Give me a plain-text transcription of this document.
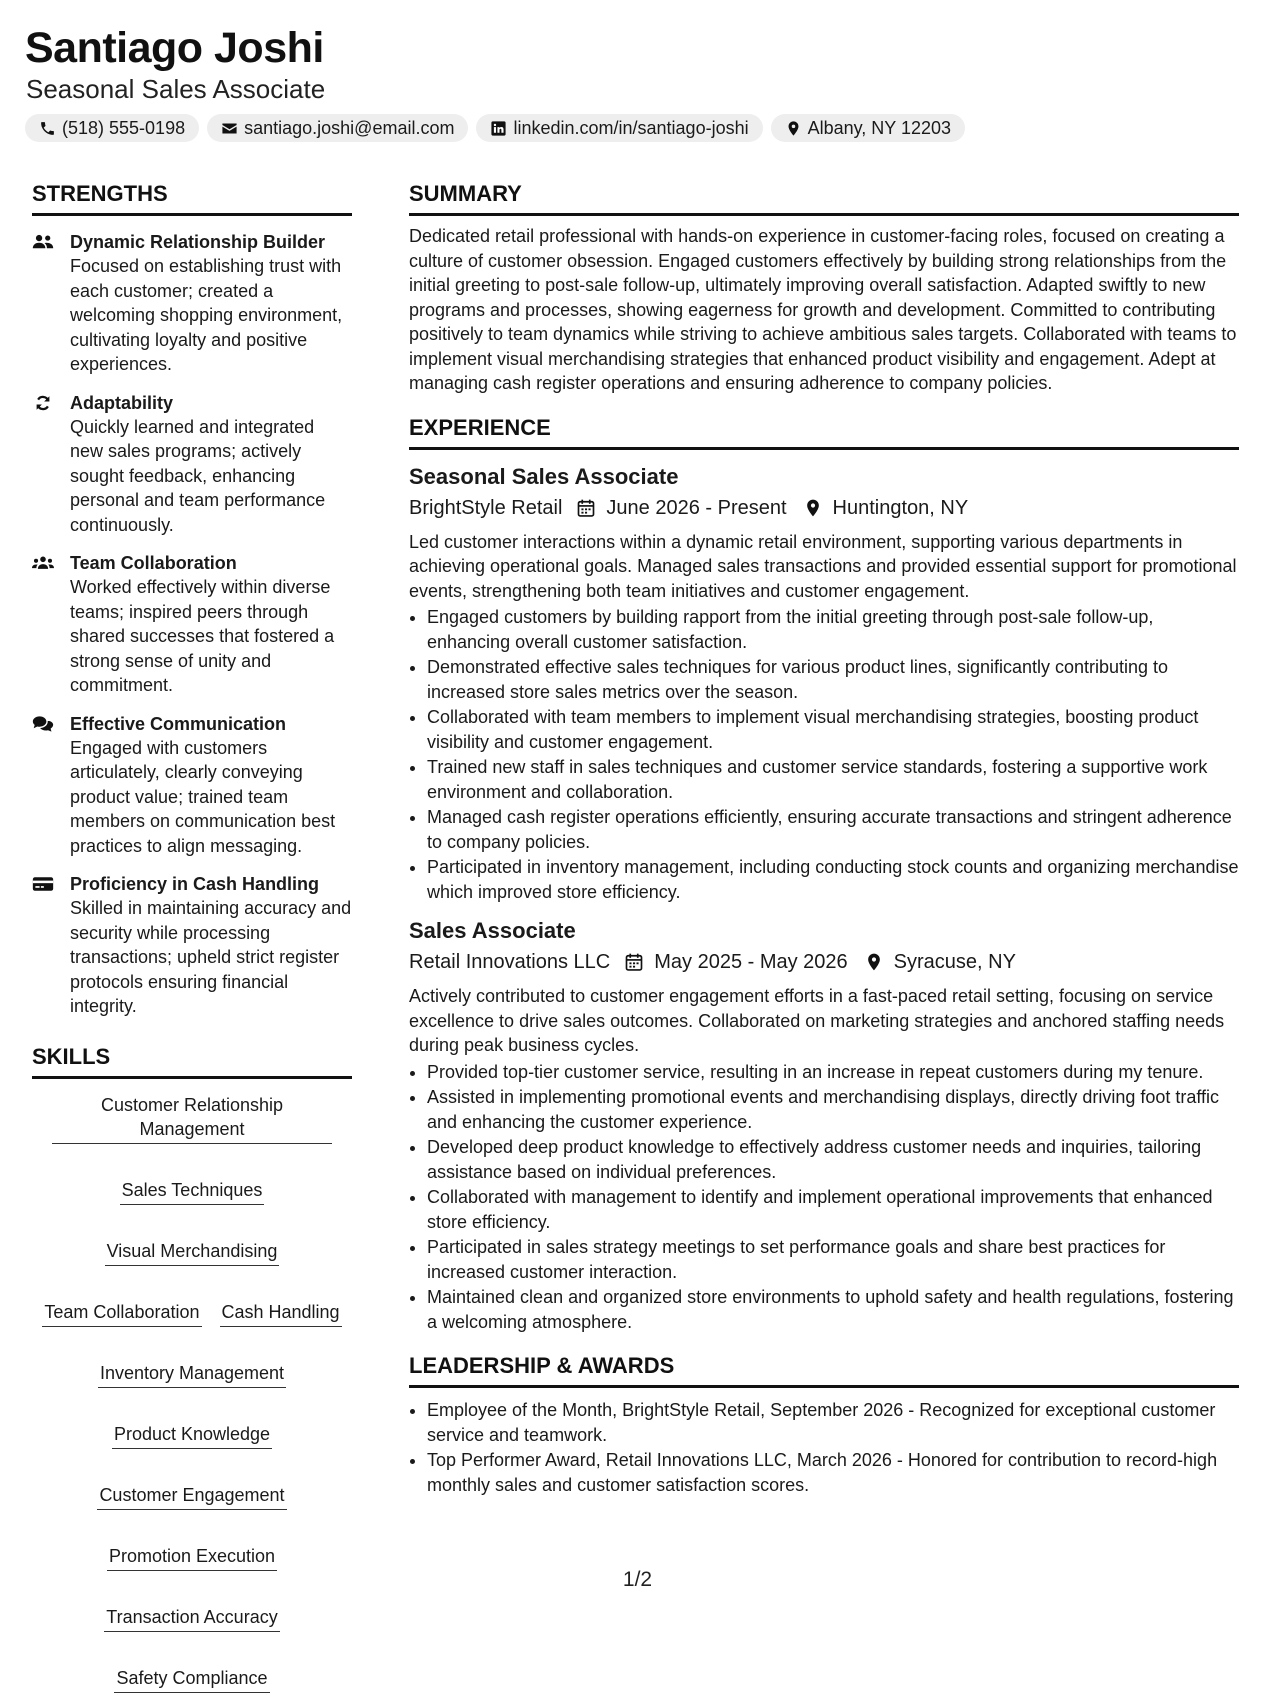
Santiago Joshi
Seasonal Sales Associate
(518) 555-0198	santiago.joshi@email.com	linkedin.com/in/santiago-joshi	Albany, NY 12203
STRENGTHS
Dynamic Relationship Builder
Focused on establishing trust with each customer; created a welcoming shopping environment, cultivating loyalty and positive experiences.
Adaptability
Quickly learned and integrated new sales programs; actively sought feedback, enhancing personal and team performance continuously.
Team Collaboration
Worked effectively within diverse teams; inspired peers through shared successes that fostered a strong sense of unity and commitment.
Effective Communication
Engaged with customers articulately, clearly conveying product value; trained team members on communication best practices to align messaging.
Proficiency in Cash Handling
Skilled in maintaining accuracy and security while processing transactions; upheld strict register protocols ensuring financial integrity.
SKILLS
Customer Relationship Management
Sales Techniques
Visual Merchandising
Team Collaboration Cash Handling
Inventory Management
Product Knowledge
Customer Engagement
Promotion Execution
Transaction Accuracy
Safety Compliance
SUMMARY
Dedicated retail professional with hands-on experience in customer-facing roles, focused on creating a culture of customer obsession. Engaged customers effectively by building strong relationships from the initial greeting to post-sale follow-up, ultimately improving overall satisfaction. Adapted swiftly to new programs and processes, showing eagerness for growth and development. Committed to contributing positively to team dynamics while striving to achieve ambitious sales targets. Collaborated with teams to implement visual merchandising strategies that enhanced product visibility and engagement. Adept at managing cash register operations and ensuring adherence to company policies.
EXPERIENCE
Seasonal Sales Associate
BrightStyle Retail June 2026 - Present Huntington, NY
Led customer interactions within a dynamic retail environment, supporting various departments in achieving operational goals. Managed sales transactions and provided essential support for promotional events, strengthening both team initiatives and customer engagement.
• Engaged customers by building rapport from the initial greeting through post-sale follow-up, enhancing overall customer satisfaction.
• Demonstrated effective sales techniques for various product lines, significantly contributing to increased store sales metrics over the season.
• Collaborated with team members to implement visual merchandising strategies, boosting product visibility and customer engagement.
• Trained new staff in sales techniques and customer service standards, fostering a supportive work environment and collaboration.
• Managed cash register operations efficiently, ensuring accurate transactions and stringent adherence to company policies.
• Participated in inventory management, including conducting stock counts and organizing merchandise which improved store efficiency.
Sales Associate
Retail Innovations LLC May 2025 - May 2026 Syracuse, NY
Actively contributed to customer engagement efforts in a fast-paced retail setting, focusing on service excellence to drive sales outcomes. Collaborated on marketing strategies and anchored staffing needs during peak business cycles.
• Provided top-tier customer service, resulting in an increase in repeat customers during my tenure.
• Assisted in implementing promotional events and merchandising displays, directly driving foot traffic and enhancing the customer experience.
• Developed deep product knowledge to effectively address customer needs and inquiries, tailoring assistance based on individual preferences.
• Collaborated with management to identify and implement operational improvements that enhanced store efficiency.
• Participated in sales strategy meetings to set performance goals and share best practices for increased customer interaction.
• Maintained clean and organized store environments to uphold safety and health regulations, fostering a welcoming atmosphere.
LEADERSHIP & AWARDS
• Employee of the Month, BrightStyle Retail, September 2026 - Recognized for exceptional customer service and teamwork.
• Top Performer Award, Retail Innovations LLC, March 2026 - Honored for contribution to record-high monthly sales and customer satisfaction scores.
1/2
